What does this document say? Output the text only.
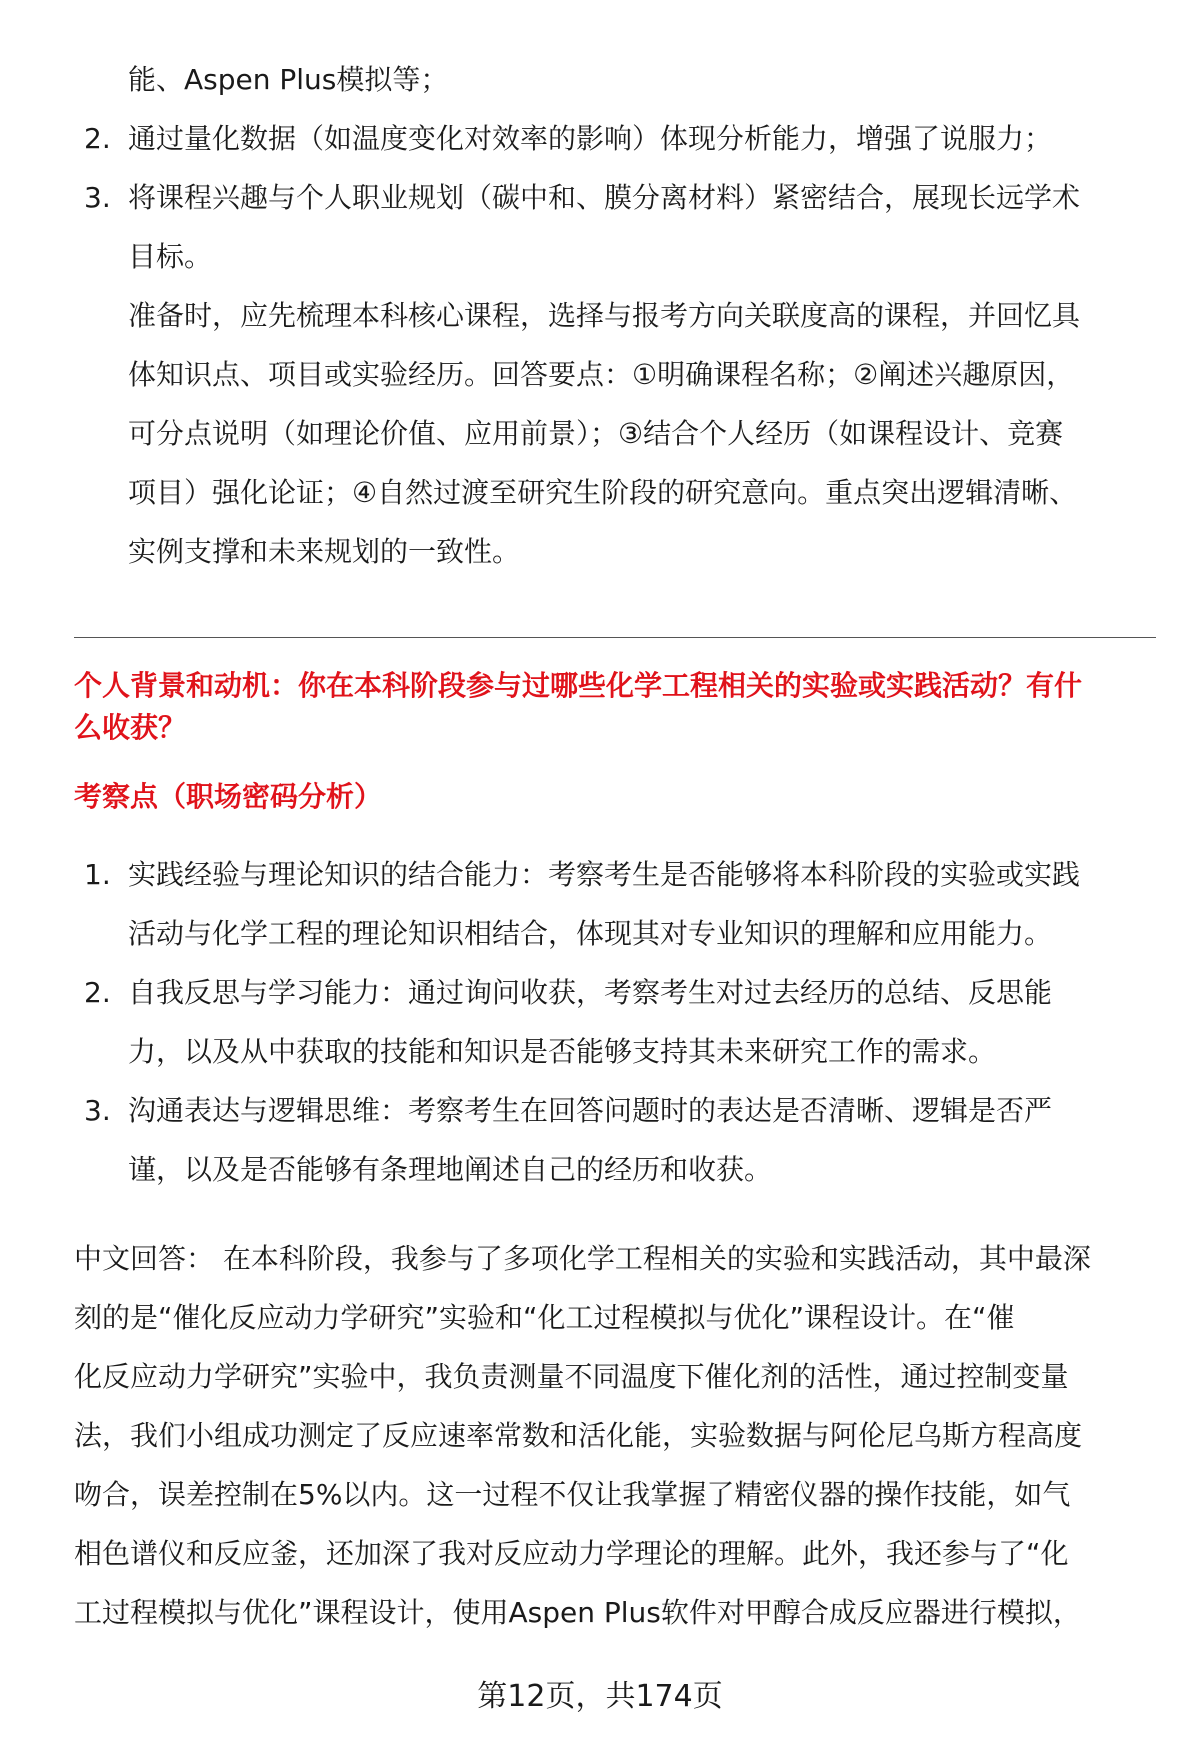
能、Aspen Plus模拟等；
2. 通过量化数据（如温度变化对效率的影响）体现分析能力，增强了说服力；
3. 将课程兴趣与个人职业规划（碳中和、膜分离材料）紧密结合，展现长远学术
目标。
准备时，应先梳理本科核心课程，选择与报考方向关联度高的课程，并回忆具
体知识点、项目或实验经历。回答要点：①明确课程名称；②阐述兴趣原因，
可分点说明（如理论价值、应用前景）；③结合个人经历（如课程设计、竞赛
项目）强化论证；④自然过渡至研究生阶段的研究意向。重点突出逻辑清晰、
实例支撑和未来规划的一致性。
个人背景和动机：你在本科阶段参与过哪些化学工程相关的实验或实践活动？有什
么收获？
考察点（职场密码分析）
1. 实践经验与理论知识的结合能力：考察考生是否能够将本科阶段的实验或实践
活动与化学工程的理论知识相结合，体现其对专业知识的理解和应用能力。
2. 自我反思与学习能力：通过询问收获，考察考生对过去经历的总结、反思能
力，以及从中获取的技能和知识是否能够支持其未来研究工作的需求。
3. 沟通表达与逻辑思维：考察考生在回答问题时的表达是否清晰、逻辑是否严
谨，以及是否能够有条理地阐述自己的经历和收获。
中文回答： 在本科阶段，我参与了多项化学工程相关的实验和实践活动，其中最深
刻的是“催化反应动力学研究”实验和“化工过程模拟与优化”课程设计。在“催
化反应动力学研究”实验中，我负责测量不同温度下催化剂的活性，通过控制变量
法，我们小组成功测定了反应速率常数和活化能，实验数据与阿伦尼乌斯方程高度
吻合，误差控制在5%以内。这一过程不仅让我掌握了精密仪器的操作技能，如气
相色谱仪和反应釜，还加深了我对反应动力学理论的理解。此外，我还参与了“化
工过程模拟与优化”课程设计，使用Aspen Plus软件对甲醇合成反应器进行模拟，
第12页，共174页
